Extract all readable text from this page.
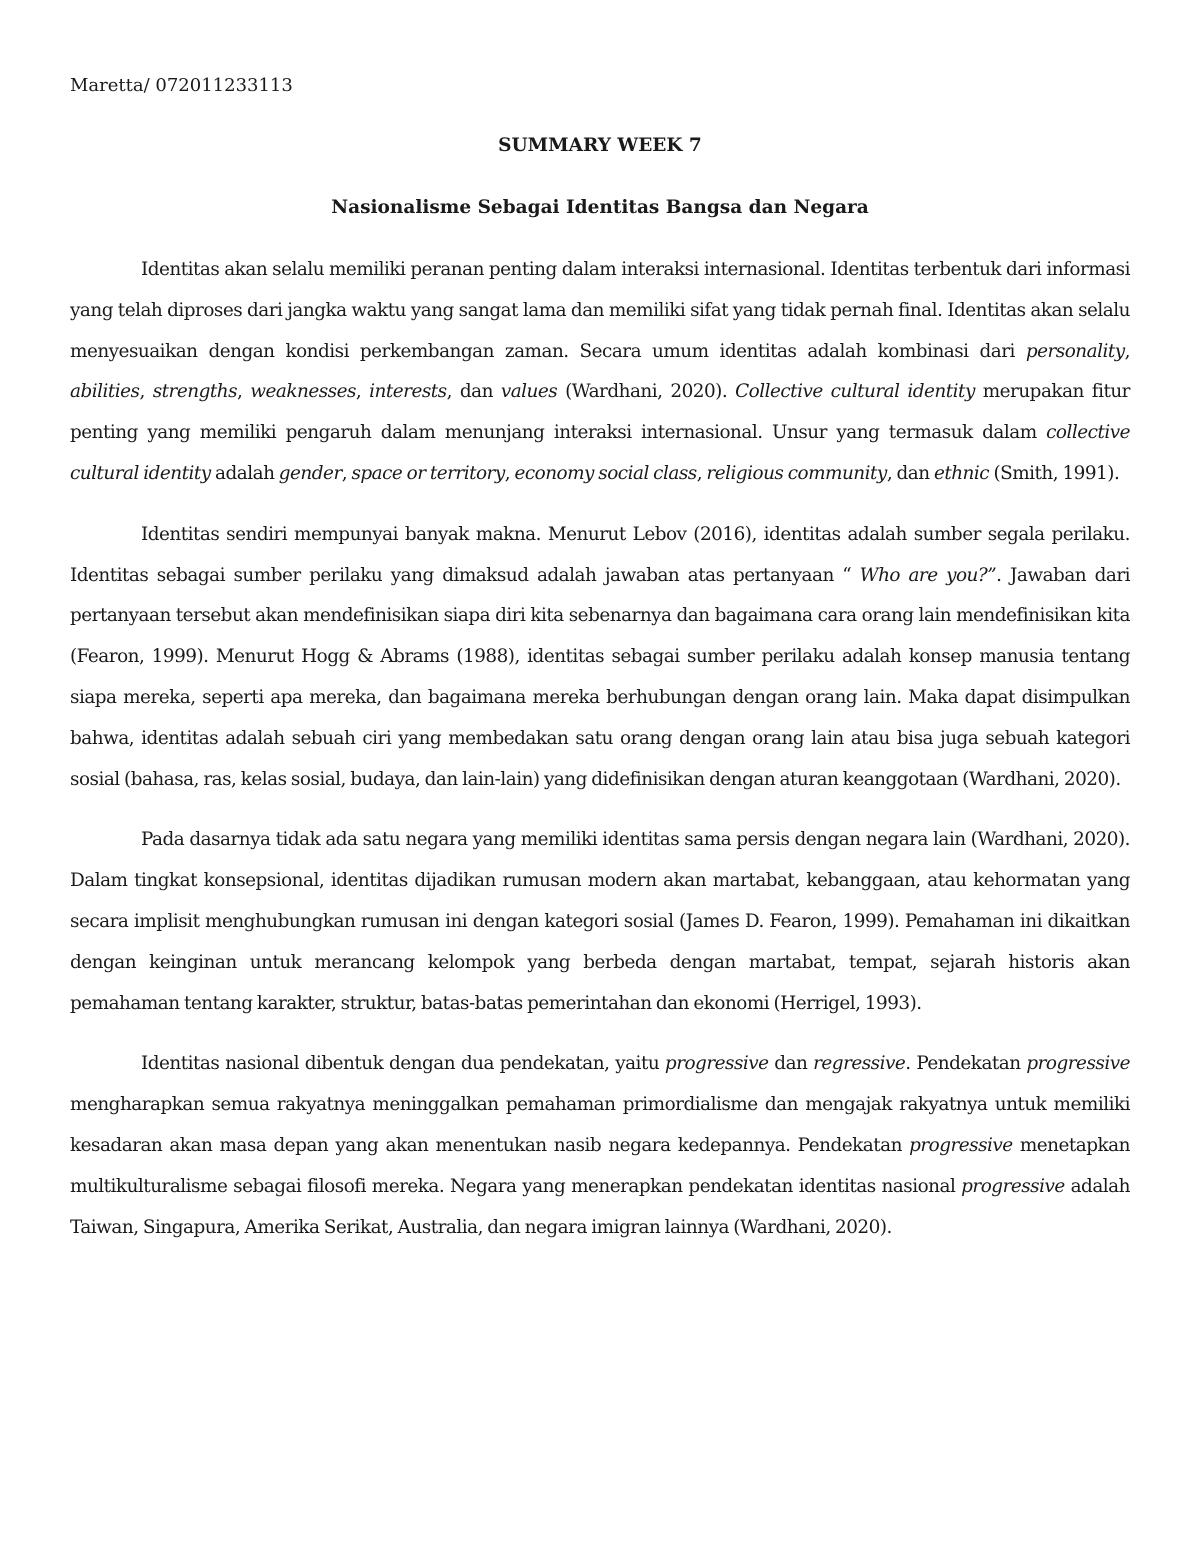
Maretta/ 072011233113
SUMMARY WEEK 7
Nasionalisme Sebagai Identitas Bangsa dan Negara

Identitas akan selalu memiliki peranan penting dalam interaksi internasional. Identitas terbentuk dari informasi yang telah diproses dari jangka waktu yang sangat lama dan memiliki sifat yang tidak pernah final. Identitas akan selalu menyesuaikan dengan kondisi perkembangan zaman. Secara umum identitas adalah kombinasi dari personality, abilities, strengths, weaknesses, interests, dan values (Wardhani, 2020). Collective cultural identity merupakan fitur penting yang memiliki pengaruh dalam menunjang interaksi internasional. Unsur yang termasuk dalam collective cultural identity adalah gender, space or territory, economy social class, religious community, dan ethnic (Smith, 1991).

Identitas sendiri mempunyai banyak makna. Menurut Lebov (2016), identitas adalah sumber segala perilaku. Identitas sebagai sumber perilaku yang dimaksud adalah jawaban atas pertanyaan “ Who are you?”. Jawaban dari pertanyaan tersebut akan mendefinisikan siapa diri kita sebenarnya dan bagaimana cara orang lain mendefinisikan kita (Fearon, 1999). Menurut Hogg & Abrams (1988), identitas sebagai sumber perilaku adalah konsep manusia tentang siapa mereka, seperti apa mereka, dan bagaimana mereka berhubungan dengan orang lain. Maka dapat disimpulkan bahwa, identitas adalah sebuah ciri yang membedakan satu orang dengan orang lain atau bisa juga sebuah kategori sosial (bahasa, ras, kelas sosial, budaya, dan lain-lain) yang didefinisikan dengan aturan keanggotaan (Wardhani, 2020).

Pada dasarnya tidak ada satu negara yang memiliki identitas sama persis dengan negara lain (Wardhani, 2020). Dalam tingkat konsepsional, identitas dijadikan rumusan modern akan martabat, kebanggaan, atau kehormatan yang secara implisit menghubungkan rumusan ini dengan kategori sosial (James D. Fearon, 1999). Pemahaman ini dikaitkan dengan keinginan untuk merancang kelompok yang berbeda dengan martabat, tempat, sejarah historis akan pemahaman tentang karakter, struktur, batas-batas pemerintahan dan ekonomi (Herrigel, 1993).

Identitas nasional dibentuk dengan dua pendekatan, yaitu progressive dan regressive. Pendekatan progressive mengharapkan semua rakyatnya meninggalkan pemahaman primordialisme dan mengajak rakyatnya untuk memiliki kesadaran akan masa depan yang akan menentukan nasib negara kedepannya. Pendekatan progressive menetapkan multikulturalisme sebagai filosofi mereka. Negara yang menerapkan pendekatan identitas nasional progressive adalah Taiwan, Singapura, Amerika Serikat, Australia, dan negara imigran lainnya (Wardhani, 2020).
